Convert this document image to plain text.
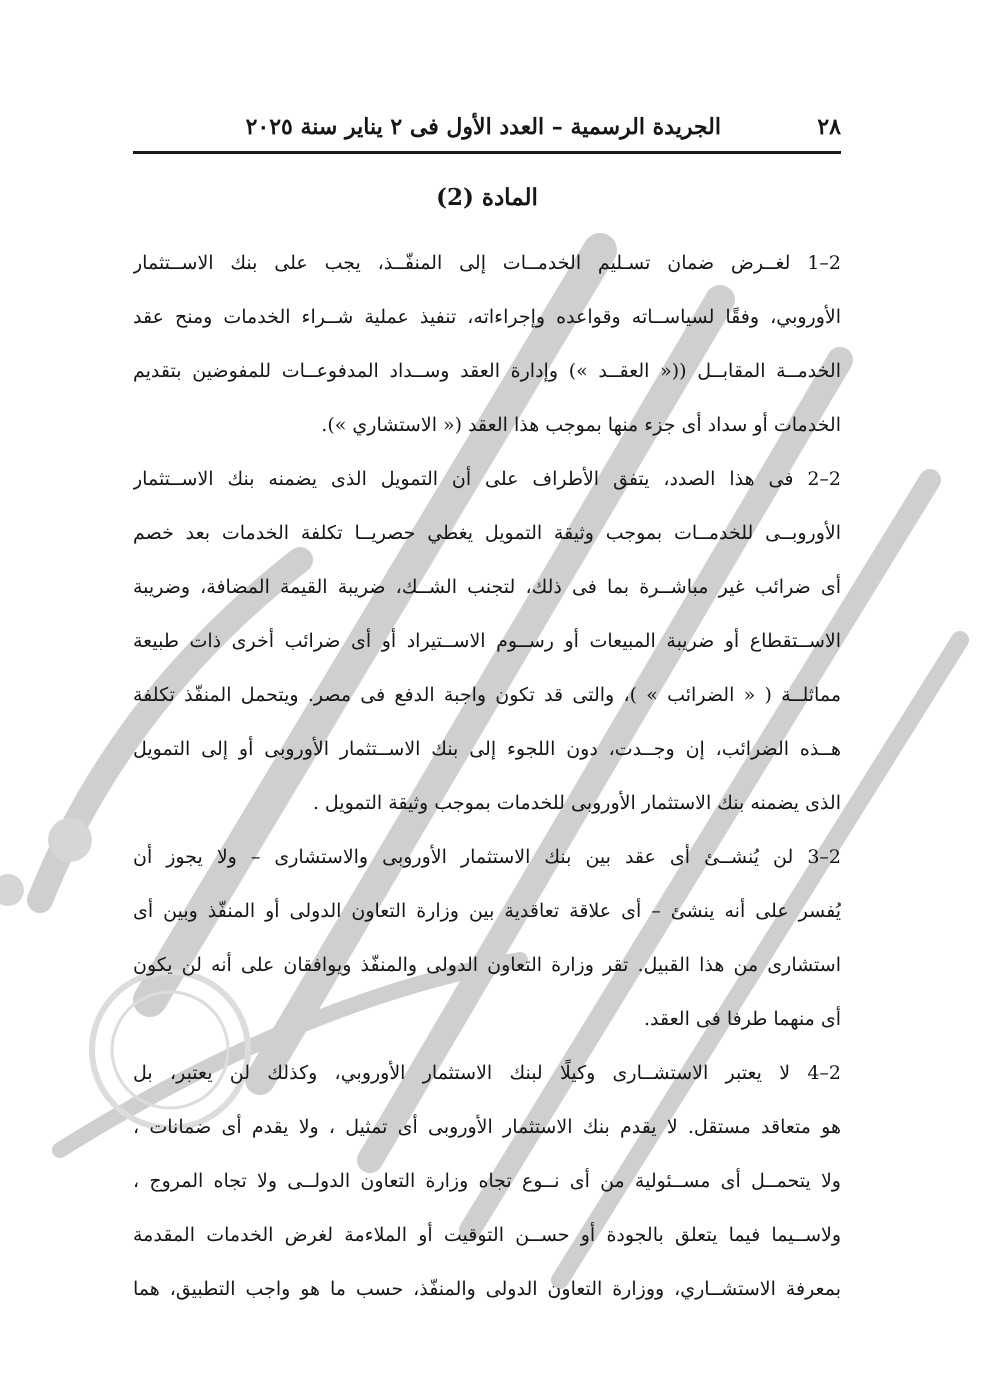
الجريدة الرسمية – العدد الأول فى ٢ يناير سنة ٢٠٢٥	٢٨
المادة (2)
2–1 لغــرض ضمان تسـليم الخدمــات إلى المنفّــذ، يجب على بنك الاســتثمار
الأوروبي، وفقًا لسياســاته وقواعده وإجراءاته، تنفيذ عملية شــراء الخدمات ومنح عقد
الخدمــة المقابــل ((« العقــد ») وإدارة العقد وســداد المدفوعــات للمفوضين بتقديم
الخدمات أو سداد أى جزء منها بموجب هذا العقد (« الاستشاري »).
2–2 فى هذا الصدد، يتفق الأطراف على أن التمويل الذى يضمنه بنك الاســتثمار
الأوروبــى للخدمــات بموجب وثيقة التمويل يغطي حصريــا تكلفة الخدمات بعد خصم
أى ضرائب غير مباشــرة بما فى ذلك، لتجنب الشــك، ضريبة القيمة المضافة، وضريبة
الاســتقطاع أو ضريبة المبيعات أو رســوم الاســتيراد أو أى ضرائب أخرى ذات طبيعة
مماثلــة ( « الضرائب » )، والتى قد تكون واجبة الدفع فى مصر. ويتحمل المنفّذ تكلفة
هــذه الضرائب، إن وجــدت، دون اللجوء إلى بنك الاســتثمار الأوروبى أو إلى التمويل
الذى يضمنه بنك الاستثمار الأوروبى للخدمات بموجب وثيقة التمويل .
2–3 لن يُنشــئ أى عقد بين بنك الاستثمار الأوروبى والاستشارى – ولا يجوز أن
يُفسر على أنه ينشئ – أى علاقة تعاقدية بين وزارة التعاون الدولى أو المنفّذ وبين أى
استشارى من هذا القبيل. تقر وزارة التعاون الدولى والمنفّذ ويوافقان على أنه لن يكون
أى منهما طرفا فى العقد.
2–4 لا يعتبر الاستشــارى وكيلًا لبنك الاستثمار الأوروبي، وكذلك لن يعتبر، بل
هو متعاقد مستقل. لا يقدم بنك الاستثمار الأوروبى أى تمثيل ، ولا يقدم أى ضمانات ،
ولا يتحمــل أى مســئولية من أى نــوع تجاه وزارة التعاون الدولــى ولا تجاه المروج ،
ولاســيما فيما يتعلق بالجودة أو حســن التوقيت أو الملاءمة لغرض الخدمات المقدمة
بمعرفة الاستشــاري، ووزارة التعاون الدولى والمنفّذ، حسب ما هو واجب التطبيق، هما
